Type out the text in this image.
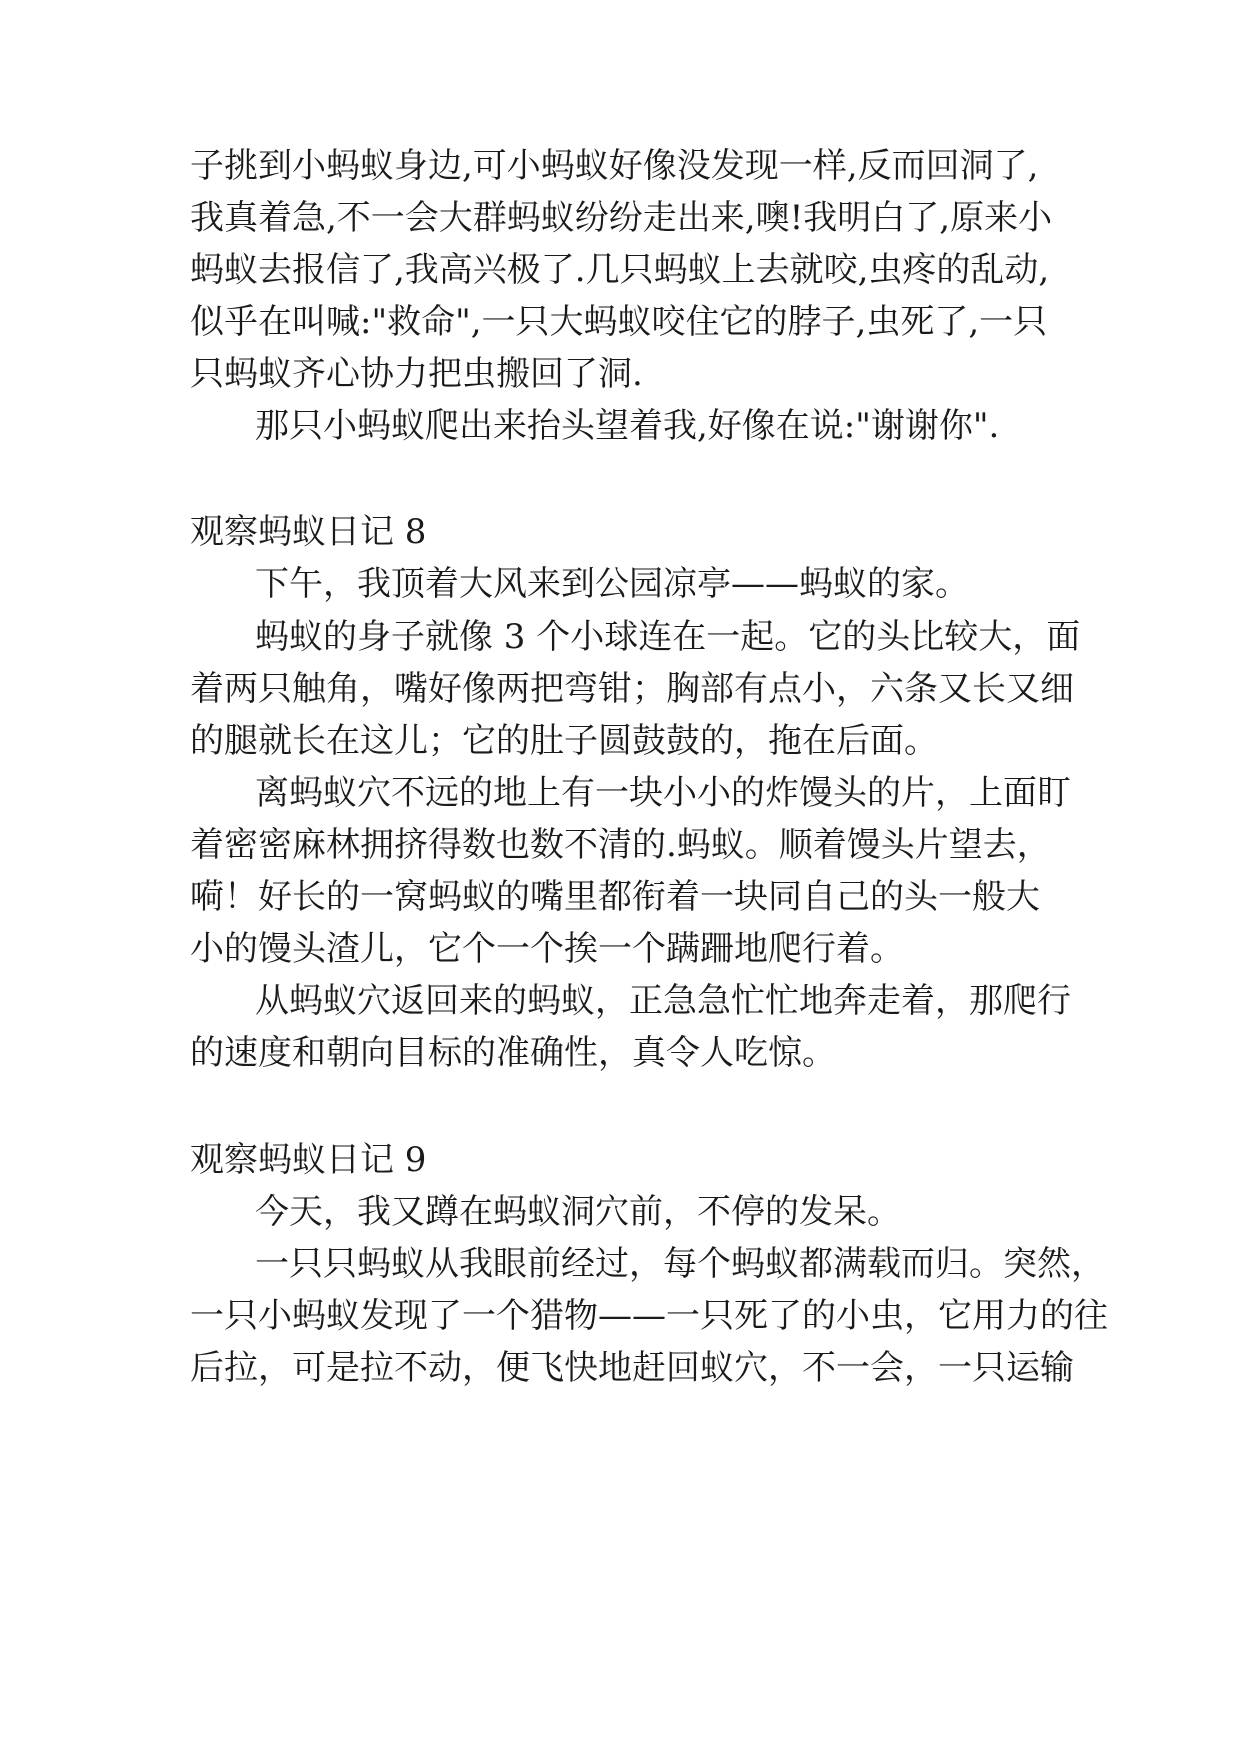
子挑到小蚂蚁身边,可小蚂蚁好像没发现一样,反而回洞了,
我真着急,不一会大群蚂蚁纷纷走出来,噢!我明白了,原来小
蚂蚁去报信了,我高兴极了.几只蚂蚁上去就咬,虫疼的乱动,
似乎在叫喊:"救命",一只大蚂蚁咬住它的脖子,虫死了,一只
只蚂蚁齐心协力把虫搬回了洞.
那只小蚂蚁爬出来抬头望着我,好像在说:"谢谢你".
观察蚂蚁日记 8
下午，我顶着大风来到公园凉亭——蚂蚁的家。
蚂蚁的身子就像 3 个小球连在一起。它的头比较大，面
着两只触角，嘴好像两把弯钳；胸部有点小，六条又长又细
的腿就长在这儿；它的肚子圆鼓鼓的，拖在后面。
离蚂蚁穴不远的地上有一块小小的炸馒头的片，上面盯
着密密麻林拥挤得数也数不清的.蚂蚁。顺着馒头片望去，
嗬！好长的一窝蚂蚁的嘴里都衔着一块同自己的头一般大
小的馒头渣儿，它个一个挨一个蹒跚地爬行着。
从蚂蚁穴返回来的蚂蚁，正急急忙忙地奔走着，那爬行
的速度和朝向目标的准确性，真令人吃惊。
观察蚂蚁日记 9
今天，我又蹲在蚂蚁洞穴前，不停的发呆。
一只只蚂蚁从我眼前经过，每个蚂蚁都满载而归。突然，
一只小蚂蚁发现了一个猎物——一只死了的小虫，它用力的往
后拉，可是拉不动，便飞快地赶回蚁穴，不一会，一只运输
